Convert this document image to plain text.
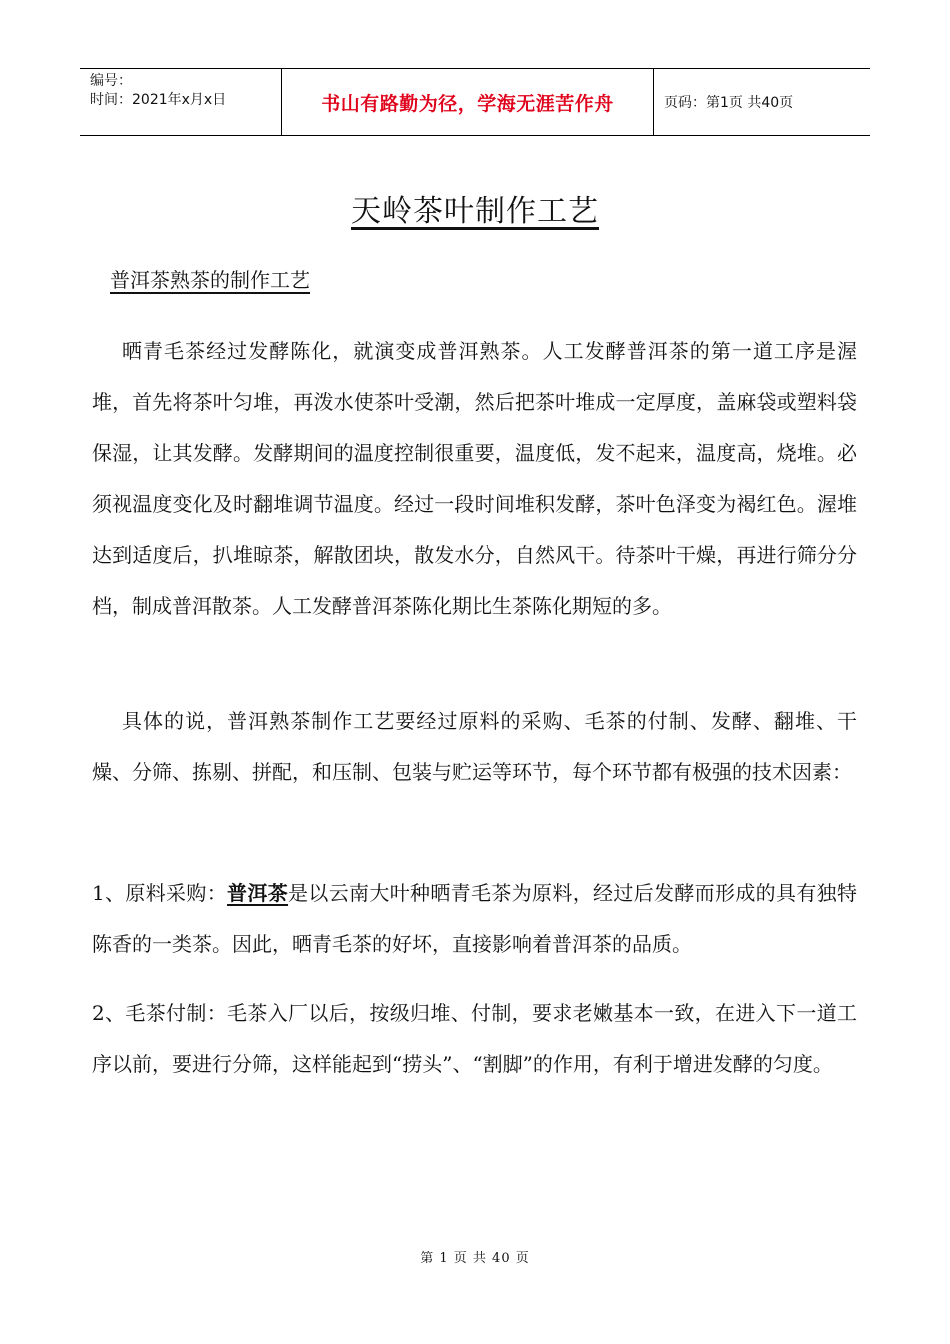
编号：
时间：2021年x月x日	书山有路勤为径，学海无涯苦作舟	页码：第1页 共40页
天岭茶叶制作工艺
普洱茶熟茶的制作工艺

晒青毛茶经过发酵陈化，就演变成普洱熟茶。人工发酵普洱茶的第一道工序是渥堆，首先将茶叶匀堆，再泼水使茶叶受潮，然后把茶叶堆成一定厚度，盖麻袋或塑料袋保湿，让其发酵。发酵期间的温度控制很重要，温度低，发不起来，温度高，烧堆。必须视温度变化及时翻堆调节温度。经过一段时间堆积发酵，茶叶色泽变为褐红色。渥堆达到适度后，扒堆晾茶，解散团块，散发水分，自然风干。待茶叶干燥，再进行筛分分档，制成普洱散茶。人工发酵普洱茶陈化期比生茶陈化期短的多。

具体的说，普洱熟茶制作工艺要经过原料的采购、毛茶的付制、发酵、翻堆、干燥、分筛、拣剔、拼配，和压制、包装与贮运等环节，每个环节都有极强的技术因素：

1、原料采购：普洱茶是以云南大叶种晒青毛茶为原料，经过后发酵而形成的具有独特陈香的一类茶。因此，晒青毛茶的好坏，直接影响着普洱茶的品质。

2、毛茶付制：毛茶入厂以后，按级归堆、付制，要求老嫩基本一致，在进入下一道工序以前，要进行分筛，这样能起到“捞头”、“割脚”的作用，有利于增进发酵的匀度。

第 1 页 共 40 页
